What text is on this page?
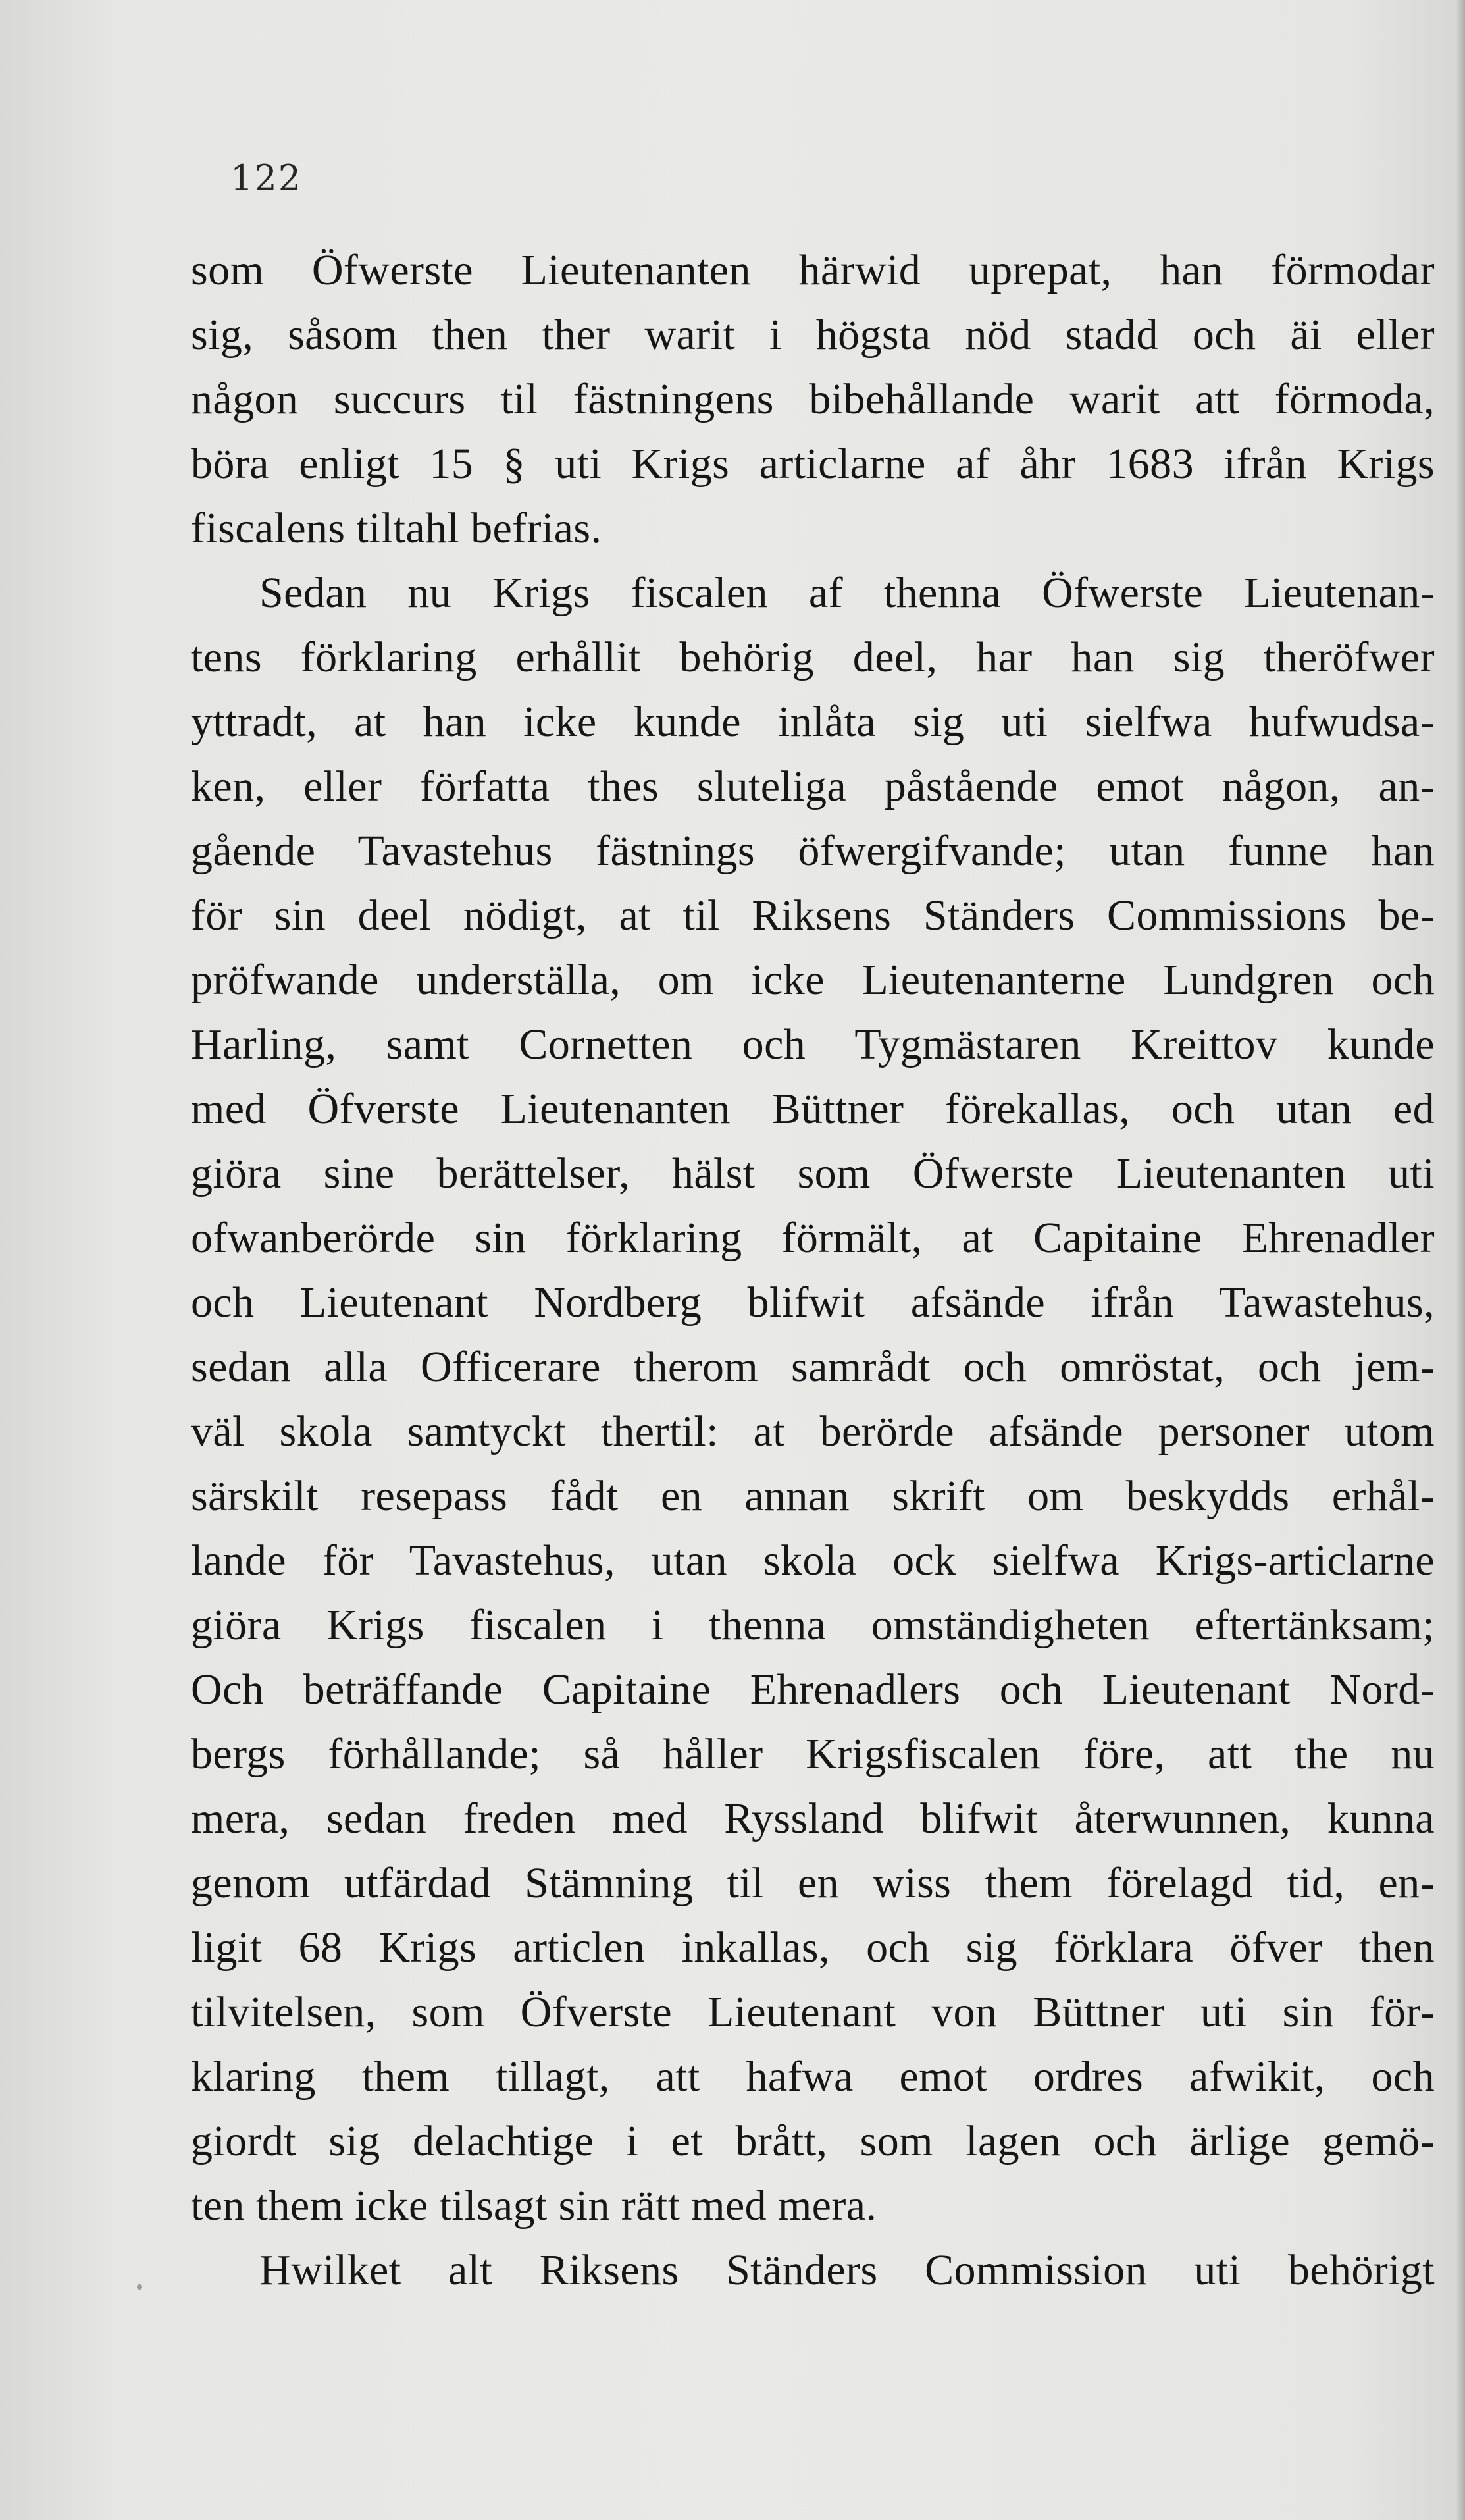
122
som Öfwerste Lieutenanten härwid uprepat, han förmodar
sig, såsom then ther warit i högsta nöd stadd och äi eller
någon succurs til fästningens bibehållande warit att förmoda,
böra enligt 15 § uti Krigs articlarne af åhr 1683 ifrån Krigs
fiscalens tiltahl befrias.
Sedan nu Krigs fiscalen af thenna Öfwerste Lieutenan-
tens förklaring erhållit behörig deel, har han sig theröfwer
yttradt, at han icke kunde inlåta sig uti sielfwa hufwudsa-
ken, eller författa thes sluteliga påstående emot någon, an-
gående Tavastehus fästnings öfwergifvande; utan funne han
för sin deel nödigt, at til Riksens Ständers Commissions be-
pröfwande underställa, om icke Lieutenanterne Lundgren och
Harling, samt Cornetten och Tygmästaren Kreittov kunde
med Öfverste Lieutenanten Büttner förekallas, och utan ed
giöra sine berättelser, hälst som Öfwerste Lieutenanten uti
ofwanberörde sin förklaring förmält, at Capitaine Ehrenadler
och Lieutenant Nordberg blifwit afsände ifrån Tawastehus,
sedan alla Officerare therom samrådt och omröstat, och jem-
väl skola samtyckt thertil: at berörde afsände personer utom
särskilt resepass fådt en annan skrift om beskydds erhål-
lande för Tavastehus, utan skola ock sielfwa Krigs-articlarne
giöra Krigs fiscalen i thenna omständigheten eftertänksam;
Och beträffande Capitaine Ehrenadlers och Lieutenant Nord-
bergs förhållande; så håller Krigsfiscalen före, att the nu
mera, sedan freden med Ryssland blifwit återwunnen, kunna
genom utfärdad Stämning til en wiss them förelagd tid, en-
ligit 68 Krigs articlen inkallas, och sig förklara öfver then
tilvitelsen, som Öfverste Lieutenant von Büttner uti sin för-
klaring them tillagt, att hafwa emot ordres afwikit, och
giordt sig delachtige i et brått, som lagen och ärlige gemö-
ten them icke tilsagt sin rätt med mera.
Hwilket alt Riksens Ständers Commission uti behörigt
